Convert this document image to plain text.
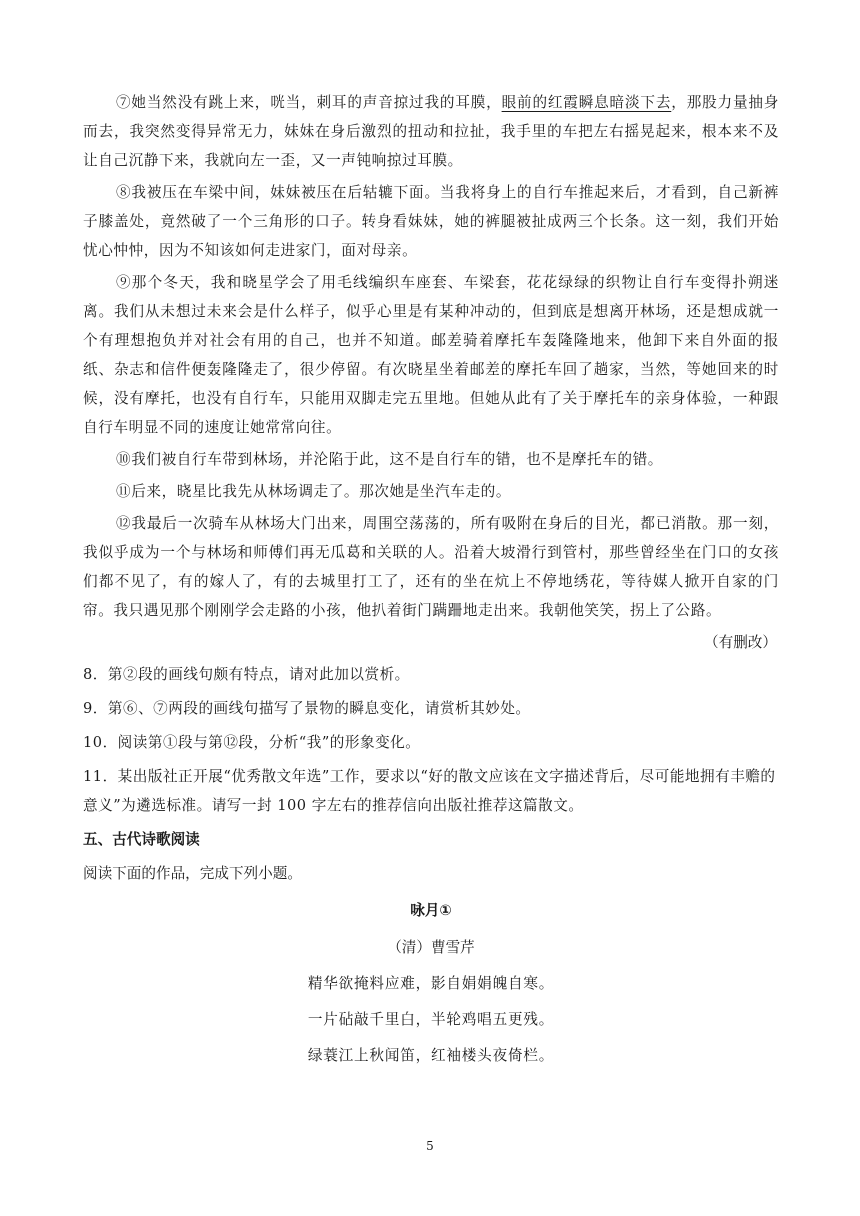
⑦她当然没有跳上来，咣当，刺耳的声音掠过我的耳膜，眼前的红霞瞬息暗淡下去，那股力量抽身而去，我突然变得异常无力，妹妹在身后激烈的扭动和拉扯，我手里的车把左右摇晃起来，根本来不及让自己沉静下来，我就向左一歪，又一声钝响掠过耳膜。

⑧我被压在车梁中间，妹妹被压在后轱辘下面。当我将身上的自行车推起来后，才看到，自己新裤子膝盖处，竟然破了一个三角形的口子。转身看妹妹，她的裤腿被扯成两三个长条。这一刻，我们开始忧心忡忡，因为不知该如何走进家门，面对母亲。

⑨那个冬天，我和晓星学会了用毛线编织车座套、车梁套，花花绿绿的织物让自行车变得扑朔迷离。我们从未想过未来会是什么样子，似乎心里是有某种冲动的，但到底是想离开林场，还是想成就一个有理想抱负并对社会有用的自己，也并不知道。邮差骑着摩托车轰隆隆地来，他卸下来自外面的报纸、杂志和信件便轰隆隆走了，很少停留。有次晓星坐着邮差的摩托车回了趟家，当然，等她回来的时候，没有摩托，也没有自行车，只能用双脚走完五里地。但她从此有了关于摩托车的亲身体验，一种跟自行车明显不同的速度让她常常向往。

⑩我们被自行车带到林场，并沦陷于此，这不是自行车的错，也不是摩托车的错。

⑪后来，晓星比我先从林场调走了。那次她是坐汽车走的。

⑫我最后一次骑车从林场大门出来，周围空荡荡的，所有吸附在身后的目光，都已消散。那一刻，我似乎成为一个与林场和师傅们再无瓜葛和关联的人。沿着大坡滑行到管村，那些曾经坐在门口的女孩们都不见了，有的嫁人了，有的去城里打工了，还有的坐在炕上不停地绣花，等待媒人掀开自家的门帘。我只遇见那个刚刚学会走路的小孩，他扒着街门蹒跚地走出来。我朝他笑笑，拐上了公路。

（有删改）

8．第②段的画线句颇有特点，请对此加以赏析。

9．第⑥、⑦两段的画线句描写了景物的瞬息变化，请赏析其妙处。

10．阅读第①段与第⑫段，分析“我”的形象变化。

11．某出版社正开展“优秀散文年选”工作，要求以“好的散文应该在文字描述背后，尽可能地拥有丰赡的意义”为遴选标准。请写一封 100 字左右的推荐信向出版社推荐这篇散文。

五、古代诗歌阅读

阅读下面的作品，完成下列小题。

咏月①

（清）曹雪芹

精华欲掩料应难，影自娟娟魄自寒。

一片砧敲千里白，半轮鸡唱五更残。

绿蓑江上秋闻笛，红袖楼头夜倚栏。

5
